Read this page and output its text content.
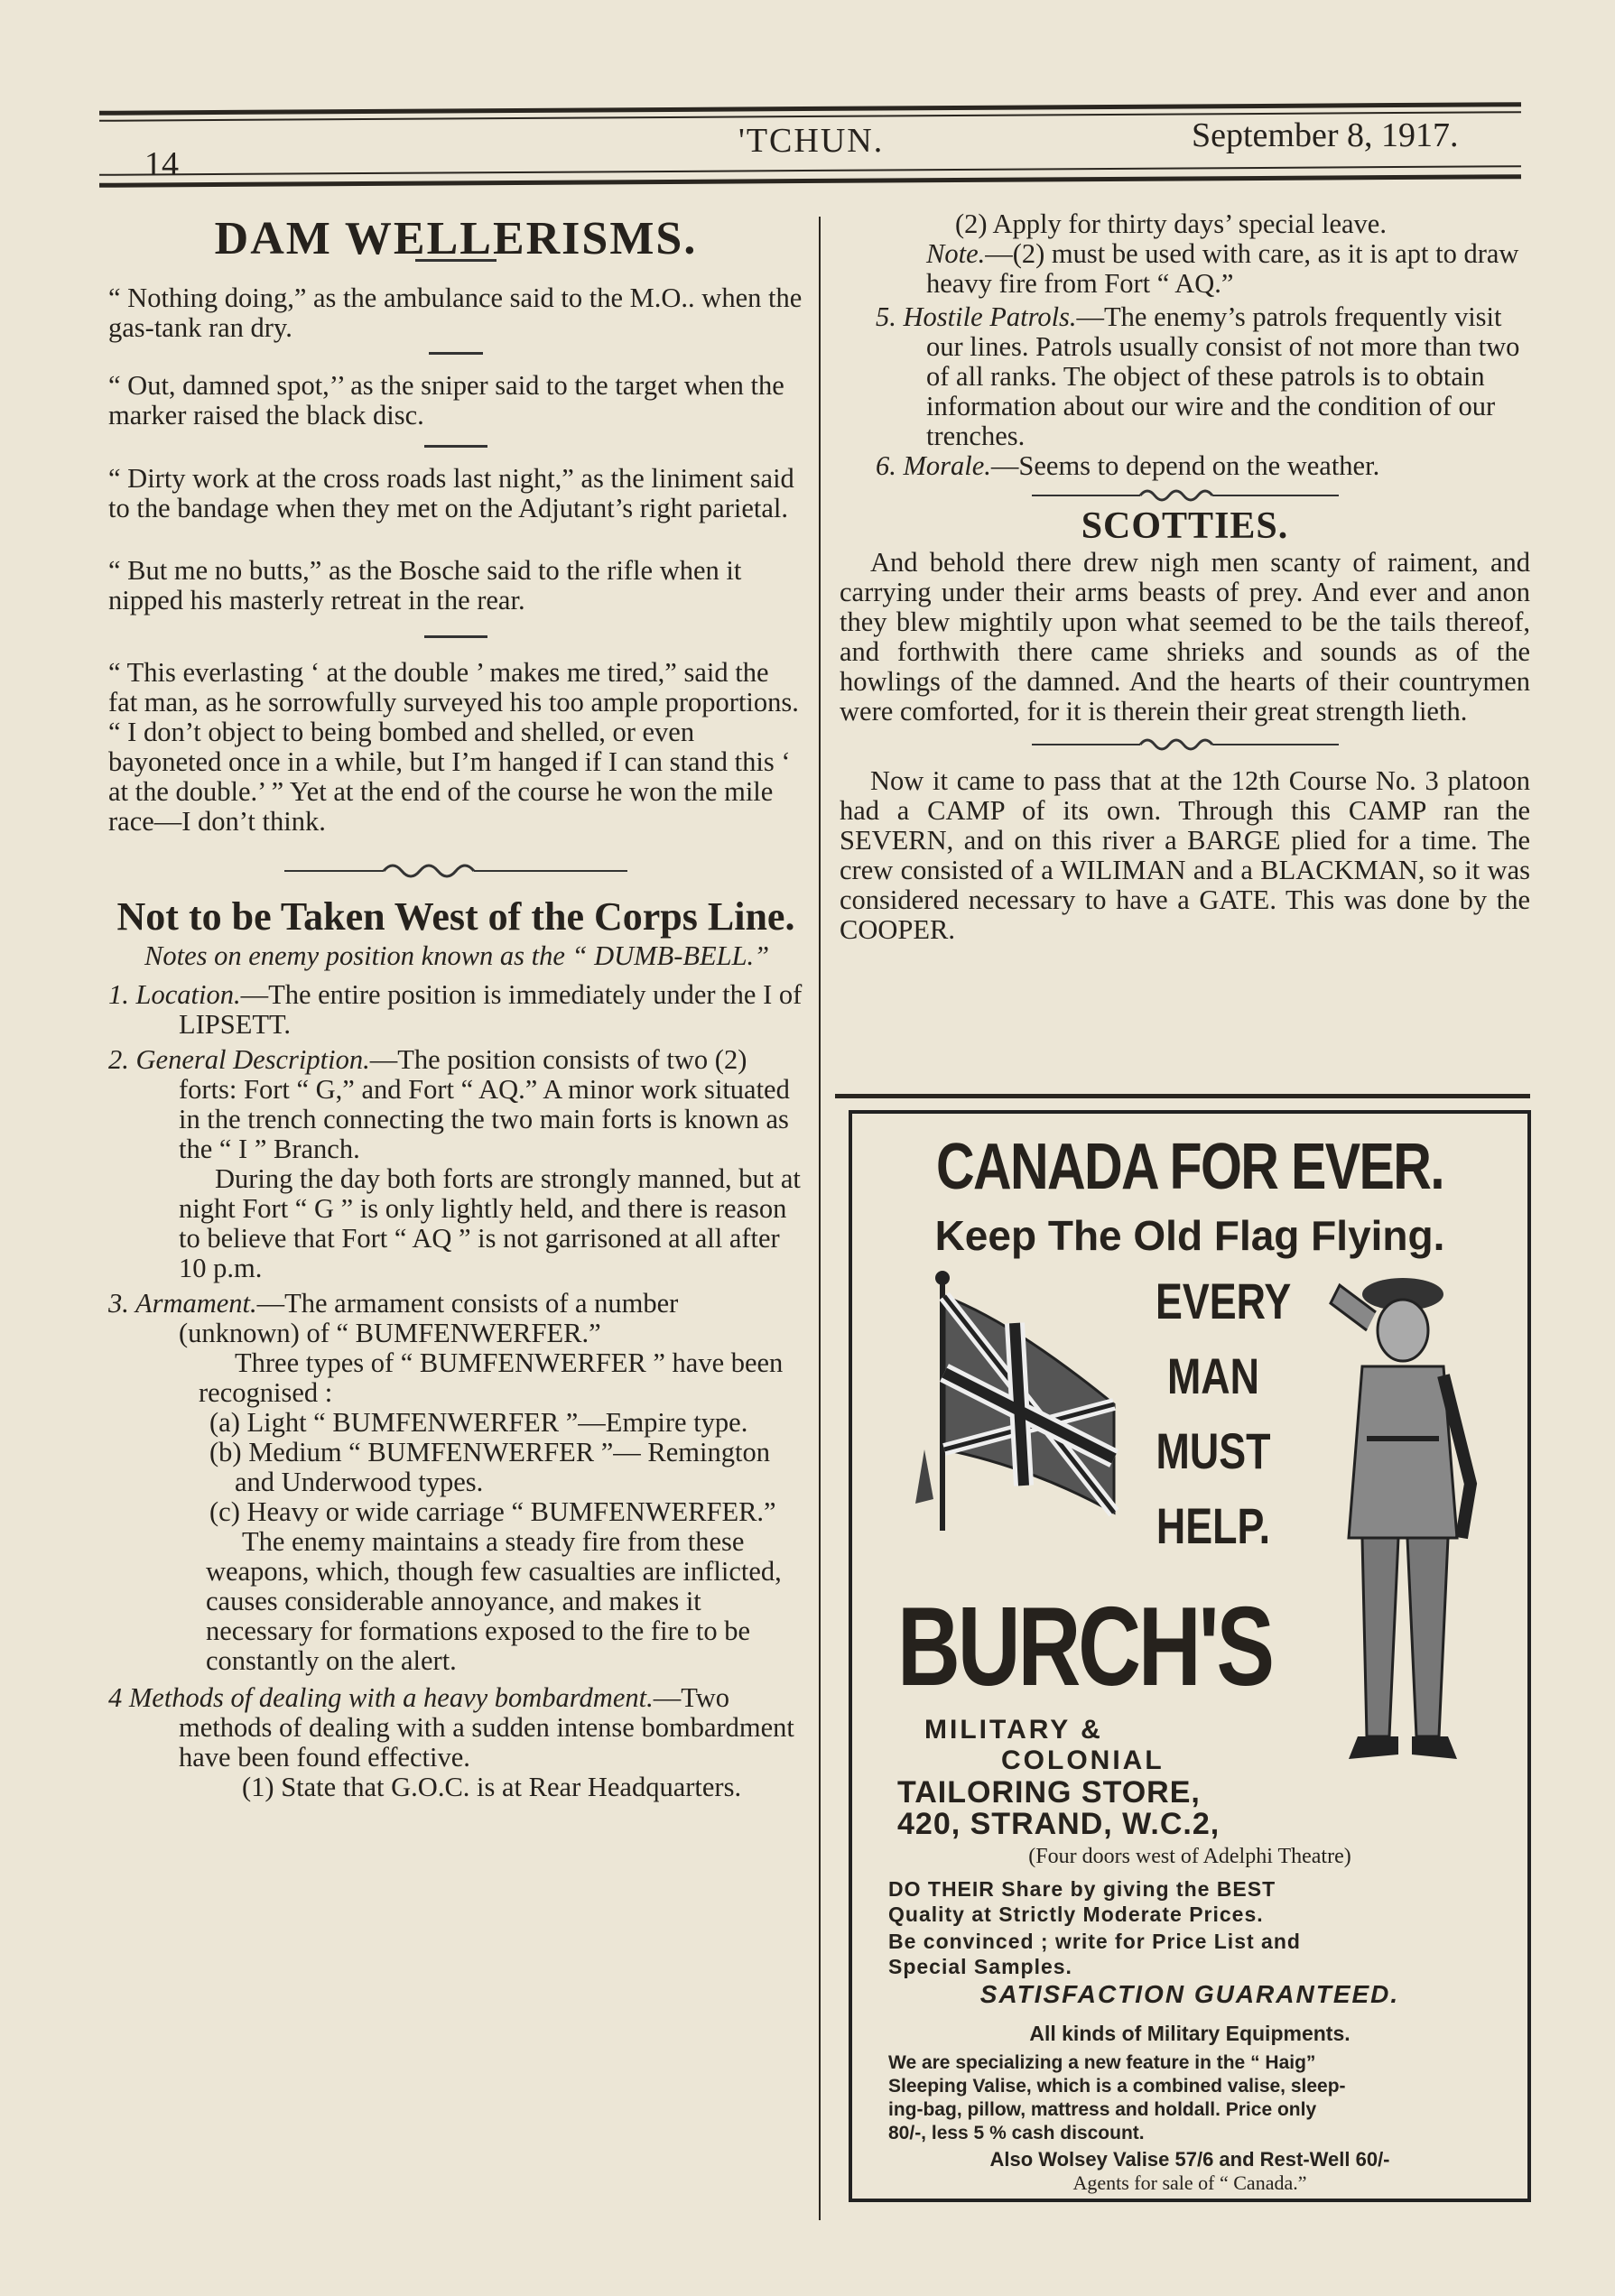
14
'TCHUN.	September 8, 1917.

DAM WELLERISMS.

“ Nothing doing,” as the ambulance said to the M.O.. when the gas-tank ran dry.

“ Out, damned spot,’’ as the sniper said to the target when the marker raised the black disc.

“ Dirty work at the cross roads last night,” as the liniment said to the bandage when they met on the Adjutant’s right parietal.

“ But me no butts,” as the Bosche said to the rifle when it nipped his masterly retreat in the rear.

“ This everlasting ‘ at the double ’ makes me tired,” said the fat man, as he sorrowfully surveyed his too ample proportions. “ I don’t object to being bombed and shelled, or even bayoneted once in a while, but I’m hanged if I can stand this ‘ at the double.’ ” Yet at the end of the course he won the mile race—I don’t think.

Not to be Taken West of the Corps Line.

Notes on enemy position known as the “ DUMB-BELL.”

1. Location.—The entire position is immediately under the I of LIPSETT.

2. General Description.—The position consists of two (2) forts: Fort “ G,” and Fort “ AQ.” A minor work situated in the trench connecting the two main forts is known as the “ I ” Branch.

During the day both forts are strongly manned, but at night Fort “ G ” is only lightly held, and there is reason to believe that Fort “ AQ ” is not garrisoned at all after 10 p.m.

3. Armament.—The armament consists of a number (unknown) of “ BUMFENWERFER.”

Three types of “ BUMFENWERFER ” have been recognised :

(a) Light “ BUMFENWERFER ”—Empire type.

(b) Medium “ BUMFENWERFER ”— Remington and Underwood types.

(c) Heavy or wide carriage “ BUMFENWERFER.”

The enemy maintains a steady fire from these weapons, which, though few casualties are inflicted, causes considerable annoyance, and makes it necessary for formations exposed to the fire to be constantly on the alert.

4 Methods of dealing with a heavy bombardment.—Two methods of dealing with a sudden intense bombardment have been found effective.

(1) State that G.O.C. is at Rear Headquarters.

(2) Apply for thirty days’ special leave.

Note.—(2) must be used with care, as it is apt to draw heavy fire from Fort “ AQ.”

5. Hostile Patrols.—The enemy’s patrols frequently visit our lines. Patrols usually consist of not more than two of all ranks. The object of these patrols is to obtain information about our wire and the condition of our trenches.

6. Morale.—Seems to depend on the weather.

SCOTTIES.

And behold there drew nigh men scanty of raiment, and carrying under their arms beasts of prey. And ever and anon they blew mightily upon what seemed to be the tails thereof, and forthwith there came shrieks and sounds as of the howlings of the damned. And the hearts of their countrymen were comforted, for it is therein their great strength lieth.

Now it came to pass that at the 12th Course No. 3 platoon had a CAMP of its own. Through this CAMP ran the SEVERN, and on this river a BARGE plied for a time. The crew consisted of a WILIMAN and a BLACKMAN, so it was considered necessary to have a GATE. This was done by the COOPER.

CANADA FOR EVER.
Keep The Old Flag Flying.
EVERY
MAN
MUST
HELP.
BURCH'S
MILITARY &
COLONIAL
TAILORING STORE,
420, STRAND, W.C.2,
(Four doors west of Adelphi Theatre)
DO THEIR Share by giving the BEST
Quality at Strictly Moderate Prices.
Be convinced ; write for Price List and
Special Samples.
SATISFACTION GUARANTEED.
All kinds of Military Equipments.
We are specializing a new feature in the “ Haig”
Sleeping Valise, which is a combined valise, sleep-
ing-bag, pillow, mattress and holdall. Price only
80/-, less 5 % cash discount.
Also Wolsey Valise 57/6 and Rest-Well 60/-
Agents for sale of “ Canada.”
